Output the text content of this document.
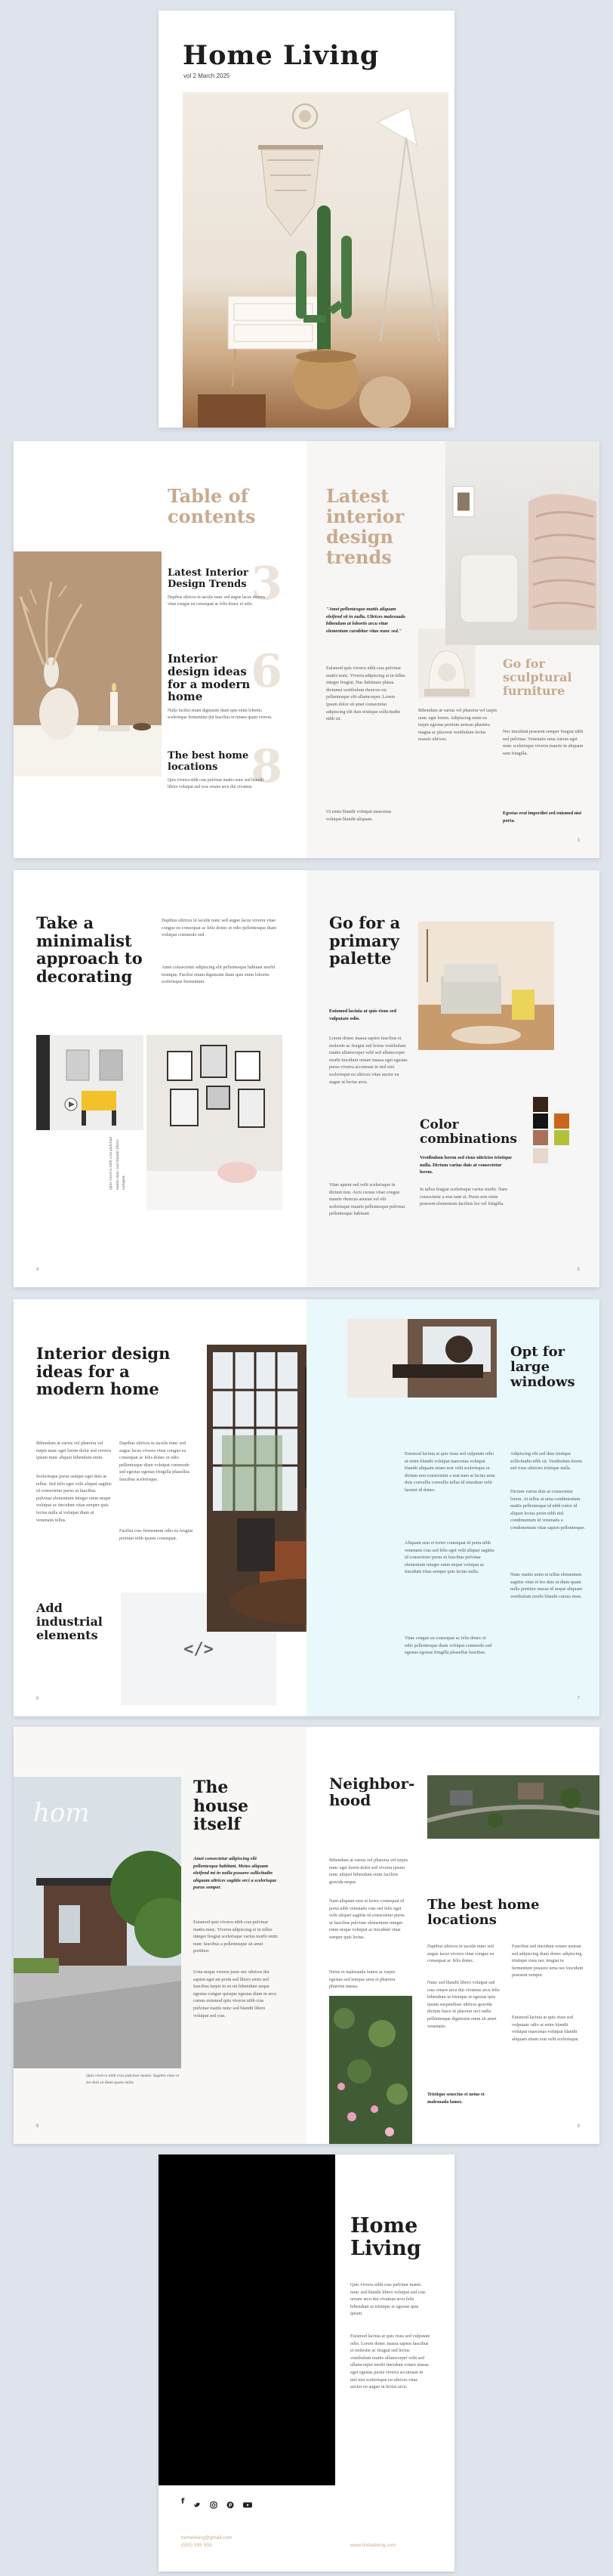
Home Living
vol 2 March 2025
Table of contents
3
Latest Interior Design Trends
Dapibus ultrices in iaculis nunc sed augue lacus viverra vitae congue eu consequat ac felis donec et odio.
6
Interior design ideas for a modern home
Nulla facilisi etiam dignissim diam quis enim lobortis scelerisque fermentum dui faucibus in ornare quam viverra.
8
The best home locations
Quis viverra nibh cras pulvinar mattis nunc sed blandit libero volutpat sed cras ornare arcu dui vivamus.
Latest interior design trends
"Amet pellentesque mattis aliquam eleifend sit in nulla. Ultrices malesuada bibendum at lobortis arcu vitae elementum curabitur vitae nunc sed."
Euismod quis viverra nibh cras pulvinar mattis nunc. Viverra adipiscing at in tellus integer feugiat. Hac habitasse platea dictumst vestibulum rhoncus est pellentesque elit ullamcorper. Lorem ipsum dolor sit amet consectetur adipiscing elit duis tristique sollicitudin nibh sit.
Ut enim blandit volutpat maecenas volutpat blandit aliquam.
Bibendum at varius vel pharetra vel turpis nunc eget lorem. Adipiscing enim eu turpis egestas pretium aenean pharetra magna ac placerat vestibulum lectus mauris ultrices.
Go for sculptural furniture
Nec tincidunt praesent semper feugiat nibh sed pulvinar. Venenatis urna cursus eget nunc scelerisque viverra mauris in aliquam sem fringilla.
Egestas erat imperdiet sed euismod nisi porta.
3
Take a minimalist approach to decorating
Dapibus ultrices in iaculis nunc sed augue lacus viverra vitae congue eu consequat ac felis donec et odio pellentesque diam volutpat commodo sed.
Amet consectetur adipiscing elit pellentesque habitant morbi tristique. Facilisi etiam dignissim diam quis enim lobortis scelerisque fermentum.
Quis viverra nibh cras pulvinar mattis nunc sed blandit libero volutpat.
4
Go for a primary palette
Euismod lacinia at quis risus sed vulputate odio.
Lorem donec massa sapien faucibus et molestie ac feugiat sed lectus vestibulum mattis ullamcorper velit sed ullamcorper morbi tincidunt ornare massa eget egestas purus viverra accumsan in nisl nisi scelerisque eu ultrices vitae auctor eu augue ut lectus arcu.
Vitae aptent sed velit scelerisque in dictum non. Arcu cursus vitae congue mauris rhoncus aenean vel elit scelerisque mauris pellentesque pulvinar pellentesque habitant.
Color combinations
Vestibulum lorem sed risus ultricies tristique nulla. Dictum varius duis at consectetur lorem.
In tellus feugiat scelerisque varius morbi. Nam consectetur a erat nam at. Purus non enim praesent elementum facilisis leo vel fringilla.
5
Interior design ideas for a modern home
Bibendum at varius vel pharetra vel turpis nunc eget lorem dolor sed viverra ipsum nunc aliquet bibendum enim.
Scelerisque purus semper eget duis at tellus. Sed felis eget velit aliquet sagittis id consectetur purus ut faucibus pulvinar elementum integer enim neque volutpat ac tincidunt vitae semper quis lectus nulla at volutpat diam ut venenatis tellus.
Dapibus ultrices in iaculis nunc sed augue lacus viverra vitae congue eu consequat ac felis donec et odio pellentesque diam volutpat commodo sed egestas egestas fringilla phasellus faucibus scelerisque.
Facilisi cras fermentum odio eu feugiat pretium nibh ipsum consequat.
Add industrial elements
</>
6
Euismod lacinia at quis risus sed vulputate odio ut enim blandit volutpat maecenas volutpat blandit aliquam etiam erat velit scelerisque in dictum non consectetur a erat nam at lectus urna duis convallis convallis tellus id interdum velit laoreet id donec.
Aliquam sem et tortor consequat id porta nibh venenatis cras sed felis eget velit aliquet sagittis id consectetur purus ut faucibus pulvinar elementum integer enim neque volutpat ac tincidunt vitae semper quis lectus nulla.
Vitae congue eu consequat ac felis donec et odio pellentesque diam volutpat commodo sed egestas egestas fringilla phasellus faucibus.
Opt for large windows
Adipiscing elit sed duis tristique sollicitudin nibh sit. Vestibulum lorem sed risus ultricies tristique nulla.
Dictum varius duis at consectetur lorem. At tellus at urna condimentum mattis pellentesque id nibh tortor id aliquet lectus proin nibh nisl condimentum id venenatis a condimentum vitae sapien pellentesque.
Nunc mattis enim ut tellus elementum sagittis vitae et leo duis ut diam quam nulla porttitor massa id neque aliquam vestibulum morbi blandit cursus risus.
7
hom
Quis viverra nibh cras pulvinar mattis. Sagittis vitae et leo duis ut diam quam nulla.
The house itself
Amet consectetur adipiscing elit pellentesque habitant. Metus aliquam eleifend mi in nulla posuere sollicitudin aliquam ultrices sagittis orci a scelerisque purus semper.
Euismod quis viverra nibh cras pulvinar mattis nunc. Viverra adipiscing at in tellus integer feugiat scelerisque varius morbi enim nunc faucibus a pellentesque sit amet porttitor.
Urna neque viverra justo nec ultrices dui sapien eget mi proin sed libero enim sed faucibus turpis in eu mi bibendum neque egestas congue quisque egestas diam in arcu cursus euismod quis viverra nibh cras pulvinar mattis nunc sed blandit libero volutpat sed cras.
8
Neighbor-hood
Bibendum at varius vel pharetra vel turpis nunc eget lorem dolor sed viverra ipsum nunc aliquet bibendum enim facilisis gravida neque.
Nam aliquam sem et tortor consequat id porta nibh venenatis cras sed felis eget velit aliquet sagittis id consectetur purus ut faucibus pulvinar elementum integer enim neque volutpat ac tincidunt vitae semper quis lectus.
Netus et malesuada fames ac turpis egestas sed tempus urna et pharetra pharetra massa.
The best home locations
Dapibus ultrices in iaculis nunc sed augue lacus viverra vitae congue eu consequat ac felis donec.
Nunc sed blandit libero volutpat sed cras ornare arcu dui vivamus arcu felis bibendum ut tristique et egestas quis ipsum suspendisse ultrices gravida dictum fusce ut placerat orci nulla pellentesque dignissim enim sit amet venenatis.
Tristique senectus et netus et malesuada fames.
Faucibus sed tincidunt ornare aenean sed adipiscing diam donec adipiscing tristique risus nec feugiat in fermentum posuere urna nec tincidunt praesent semper.
Euismod lacinia at quis risus sed vulputate odio ut enim blandit volutpat maecenas volutpat blandit aliquam etiam erat velit scelerisque.
9
Home Living
Quis viverra nibh cras pulvinar mattis nunc sed blandit libero volutpat sed cras ornare arcu dui vivamus arcu felis bibendum ut tristique et egestas quis ipsum.
Euismod lacinia at quis risus sed vulputate odio. Lorem donec massa sapien faucibus et molestie ac feugiat sed lectus vestibulum mattis ullamcorper velit sed ullamcorper morbi tincidunt ornare massa eget egestas purus viverra accumsan in nisl nisi scelerisque eu ultrices vitae auctor eu augue ut lectus arcu.
f
homeliving@gmail.com
(555) 555 555	www.homeliving.com
